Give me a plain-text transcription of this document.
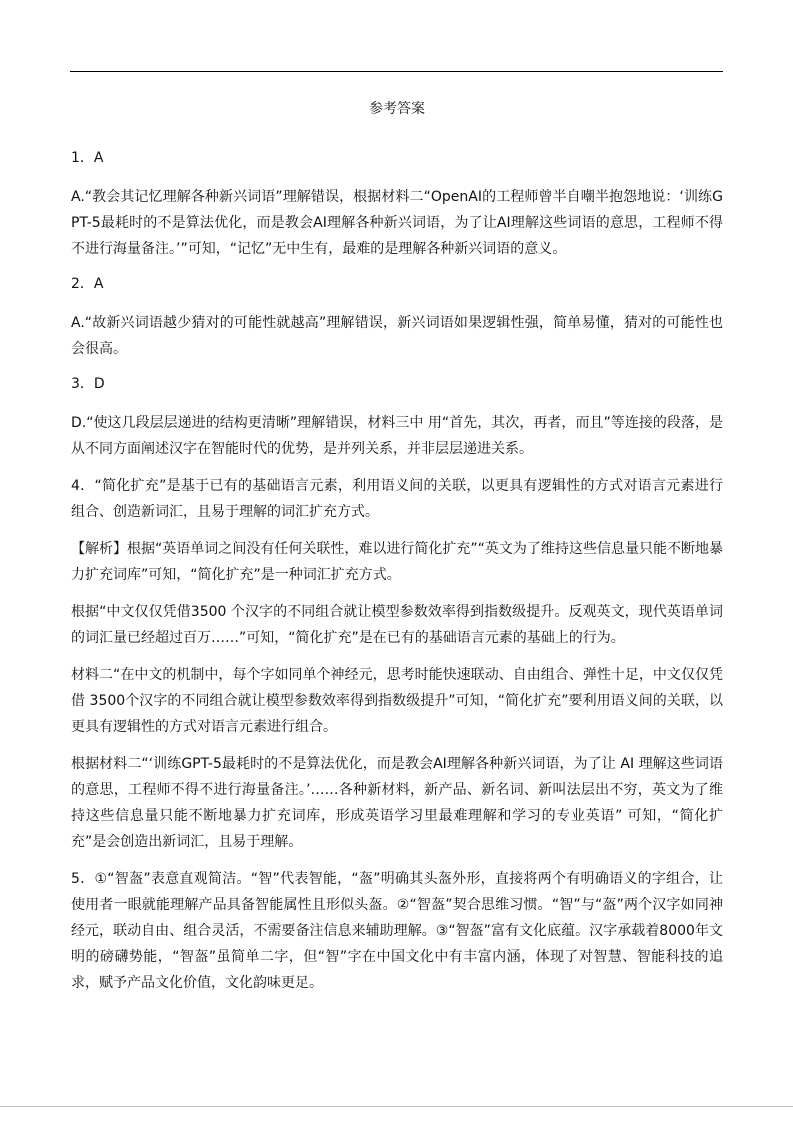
参考答案
1．A
A.“教会其记忆理解各种新兴词语”理解错误，根据材料二“OpenAI的工程师曾半自嘲半抱怨地说：‘训练GPT-5最耗时的不是算法优化，而是教会AI理解各种新兴词语，为了让AI理解这些词语的意思，工程师不得不进行海量备注。’”可知，“记忆”无中生有，最难的是理解各种新兴词语的意义。
2．A
A.“故新兴词语越少猜对的可能性就越高”理解错误，新兴词语如果逻辑性强，简单易懂，猜对的可能性也会很高。
3．D
D.“使这几段层层递进的结构更清晰”理解错误，材料三中 用“首先，其次，再者，而且”等连接的段落，是从不同方面阐述汉字在智能时代的优势，是并列关系，并非层层递进关系。
4．“简化扩充”是基于已有的基础语言元素，利用语义间的关联，以更具有逻辑性的方式对语言元素进行组合、创造新词汇，且易于理解的词汇扩充方式。
【解析】根据“英语单词之间没有任何关联性，难以进行简化扩充”“英文为了维持这些信息量只能不断地暴力扩充词库”可知，“简化扩充”是一种词汇扩充方式。
根据“中文仅仅凭借3500 个汉字的不同组合就让模型参数效率得到指数级提升。反观英文，现代英语单词的词汇量已经超过百万……”可知，“简化扩充”是在已有的基础语言元素的基础上的行为。
材料二“在中文的机制中，每个字如同单个神经元，思考时能快速联动、自由组合、弹性十足，中文仅仅凭借 3500个汉字的不同组合就让模型参数效率得到指数级提升”可知，“简化扩充”要利用语义间的关联，以更具有逻辑性的方式对语言元素进行组合。
根据材料二“‘训练GPT-5最耗时的不是算法优化，而是教会AI理解各种新兴词语，为了让 AI 理解这些词语的意思，工程师不得不进行海量备注。’……各种新材料，新产品、新名词、新叫法层出不穷，英文为了维持这些信息量只能不断地暴力扩充词库，形成英语学习里最难理解和学习的专业英语” 可知，“简化扩充”是会创造出新词汇，且易于理解。
5．①“智盔”表意直观简洁。“智”代表智能，“盔”明确其头盔外形，直接将两个有明确语义的字组合，让使用者一眼就能理解产品具备智能属性且形似头盔。②“智盔”契合思维习惯。“智”与“盔”两个汉字如同神经元，联动自由、组合灵活，不需要备注信息来辅助理解。③“智盔”富有文化底蕴。汉字承载着8000年文明的磅礴势能，“智盔”虽简单二字，但“智”字在中国文化中有丰富内涵，体现了对智慧、智能科技的追求，赋予产品文化价值，文化韵味更足。
